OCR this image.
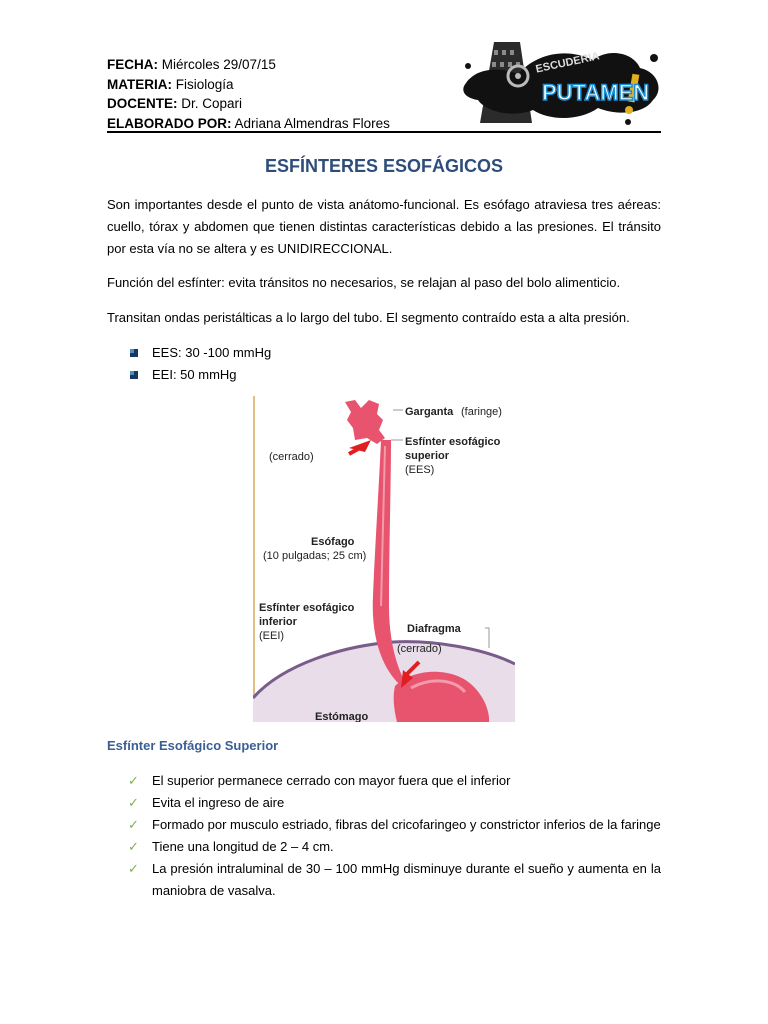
FECHA: Miércoles 29/07/15
MATERIA: Fisiología
DOCENTE: Dr. Copari
ELABORADO POR: Adriana Almendras Flores
ESCUDERIA
PUTAMEN
ESFÍNTERES ESOFÁGICOS
Son importantes desde el punto de vista anátomo-funcional. Es esófago atraviesa tres aéreas: cuello, tórax y abdomen que tienen distintas características debido a las presiones. El tránsito por esta vía no se altera y es UNIDIRECCIONAL.
Función del esfínter: evita tránsitos no necesarios, se relajan al paso del bolo alimenticio.
Transitan ondas peristálticas a lo largo del tubo. El segmento contraído esta a alta presión.
EES: 30 -100 mmHg
EEI: 50 mmHg
Garganta (faringe)
Esfínter esofágico
superior
(EES)
(cerrado)
Esófago
(10 pulgadas; 25 cm)
Esfínter esofágico
inferior
(EEI)
Diafragma
(cerrado)
Estómago
Esfínter Esofágico Superior
✓	El superior permanece cerrado con mayor fuera que el inferior
✓	Evita el ingreso de aire
✓	Formado por musculo estriado, fibras del cricofaringeo y constrictor inferios de la faringe
✓	Tiene una longitud de 2 – 4 cm.
✓	La presión intraluminal de 30 – 100 mmHg disminuye durante el sueño y aumenta en la maniobra de vasalva.
